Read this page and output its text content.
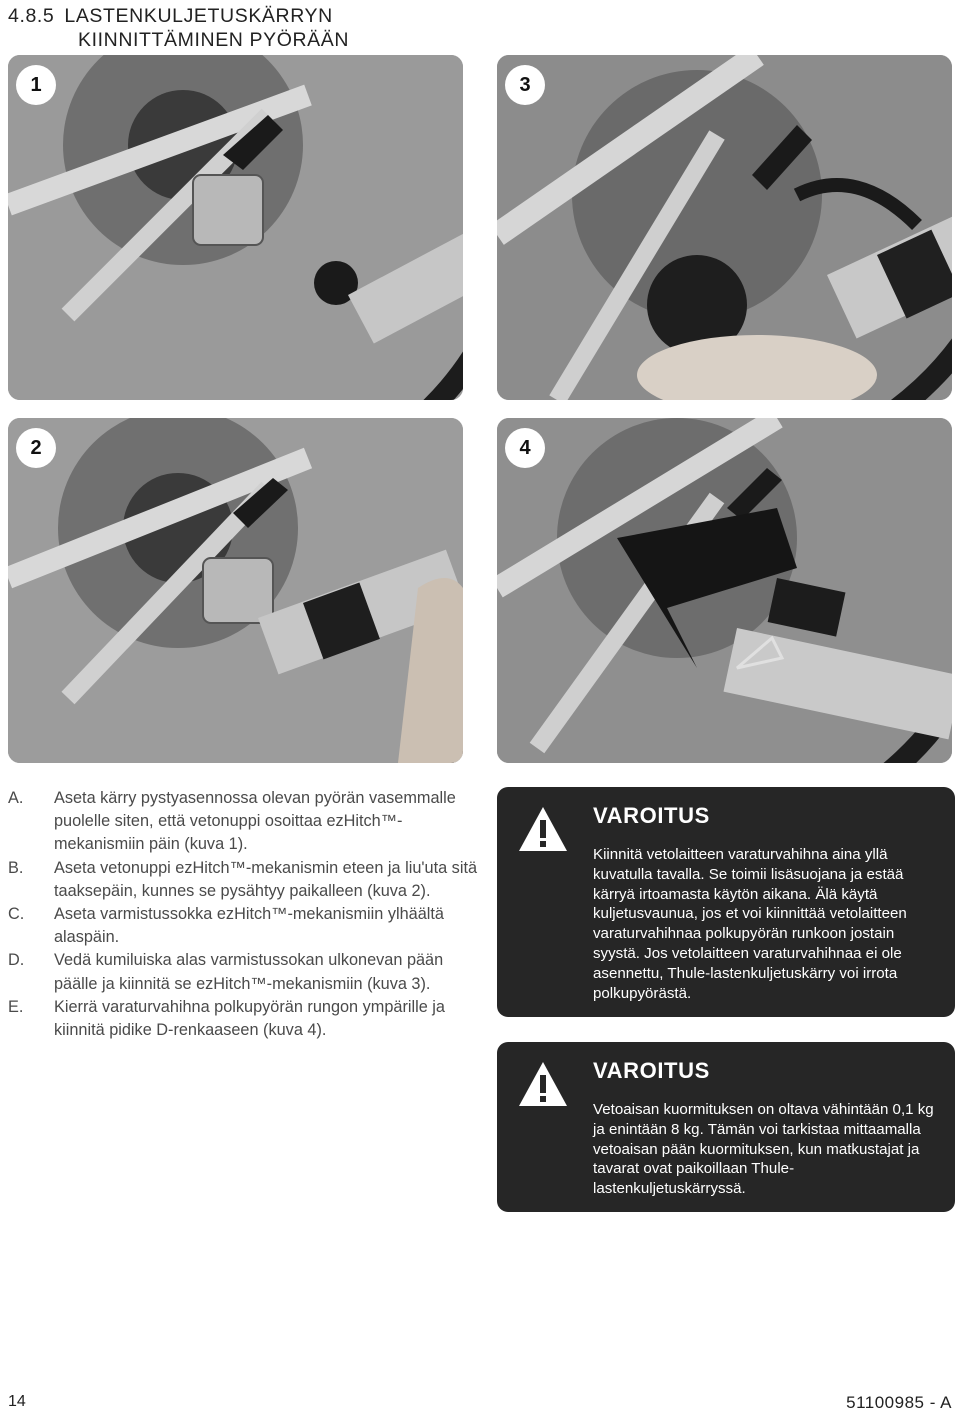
4.8.5 LASTENKULJETUSKÄRRYN
KIINNITTÄMINEN PYÖRÄÄN
1	3
2	4
A.	Aseta kärry pystyasennossa olevan pyörän vasemmalle puolelle siten, että vetonuppi osoittaa ezHitch™-mekanismiin päin (kuva 1).
B.	Aseta vetonuppi ezHitch™-mekanismin eteen ja liu'uta sitä taaksepäin, kunnes se pysähtyy paikalleen (kuva 2).
C.	Aseta varmistussokka ezHitch™-mekanismiin ylhäältä alaspäin.
D.	Vedä kumiluiska alas varmistussokan ulkonevan pään päälle ja kiinnitä se ezHitch™-mekanismiin (kuva 3).
E.	Kierrä varaturvahihna polkupyörän rungon ympärille ja kiinnitä pidike D-renkaaseen (kuva 4).
VAROITUS

Kiinnitä vetolaitteen varaturvahihna aina yllä kuvatulla tavalla. Se toimii lisäsuojana ja estää kärryä irtoamasta käytön aikana. Älä käytä kuljetusvaunua, jos et voi kiinnittää vetolaitteen varaturvahihnaa polkupyörän runkoon jostain syystä. Jos vetolaitteen varaturvahihnaa ei ole asennettu, Thule-lastenkuljetuskärry voi irrota polkupyörästä.

VAROITUS

Vetoaisan kuormituksen on oltava vähintään 0,1 kg ja enintään 8 kg. Tämän voi tarkistaa mittaamalla vetoaisan pään kuormituksen, kun matkustajat ja tavarat ovat paikoillaan Thule-lastenkuljetuskärryssä.

14	51100985 - A
